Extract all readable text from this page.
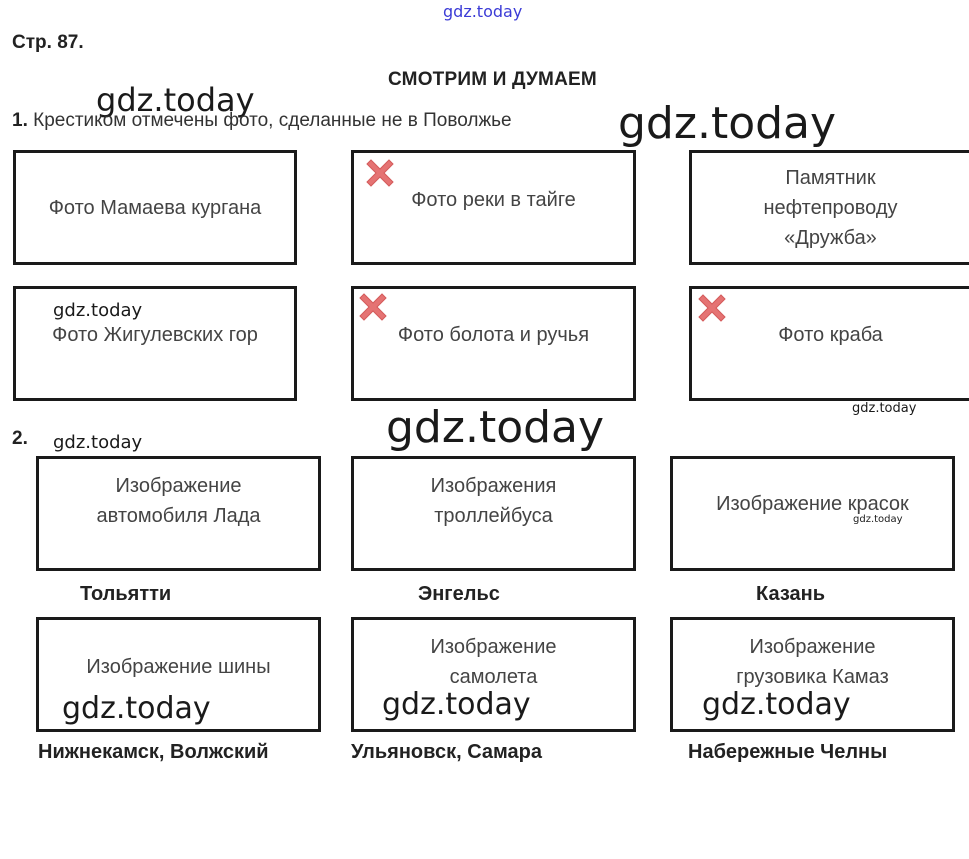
gdz.today
gdz.today	gdz.today
gdz.today
gdz.today	gdz.today
gdz.today
gdz.today
gdz.today	gdz.today	gdz.today
Стр. 87.
СМОТРИМ И ДУМАЕМ
1. Крестиком отмечены фото, сделанные не в Поволжье
Фото Мамаева кургана	Фото реки в тайге
Памятник нефтепроводу «Дружба»
Фото Жигулевских гор	Фото болота и ручья	Фото краба
2.
Изображение автомобиля Лада
Изображения троллейбуса
Изображение красок
Тольятти	Энгельс	Казань
Изображение шины
Изображение самолета
Изображение грузовика Камаз
Нижнекамск, Волжский	Ульяновск, Самара	Набережные Челны
